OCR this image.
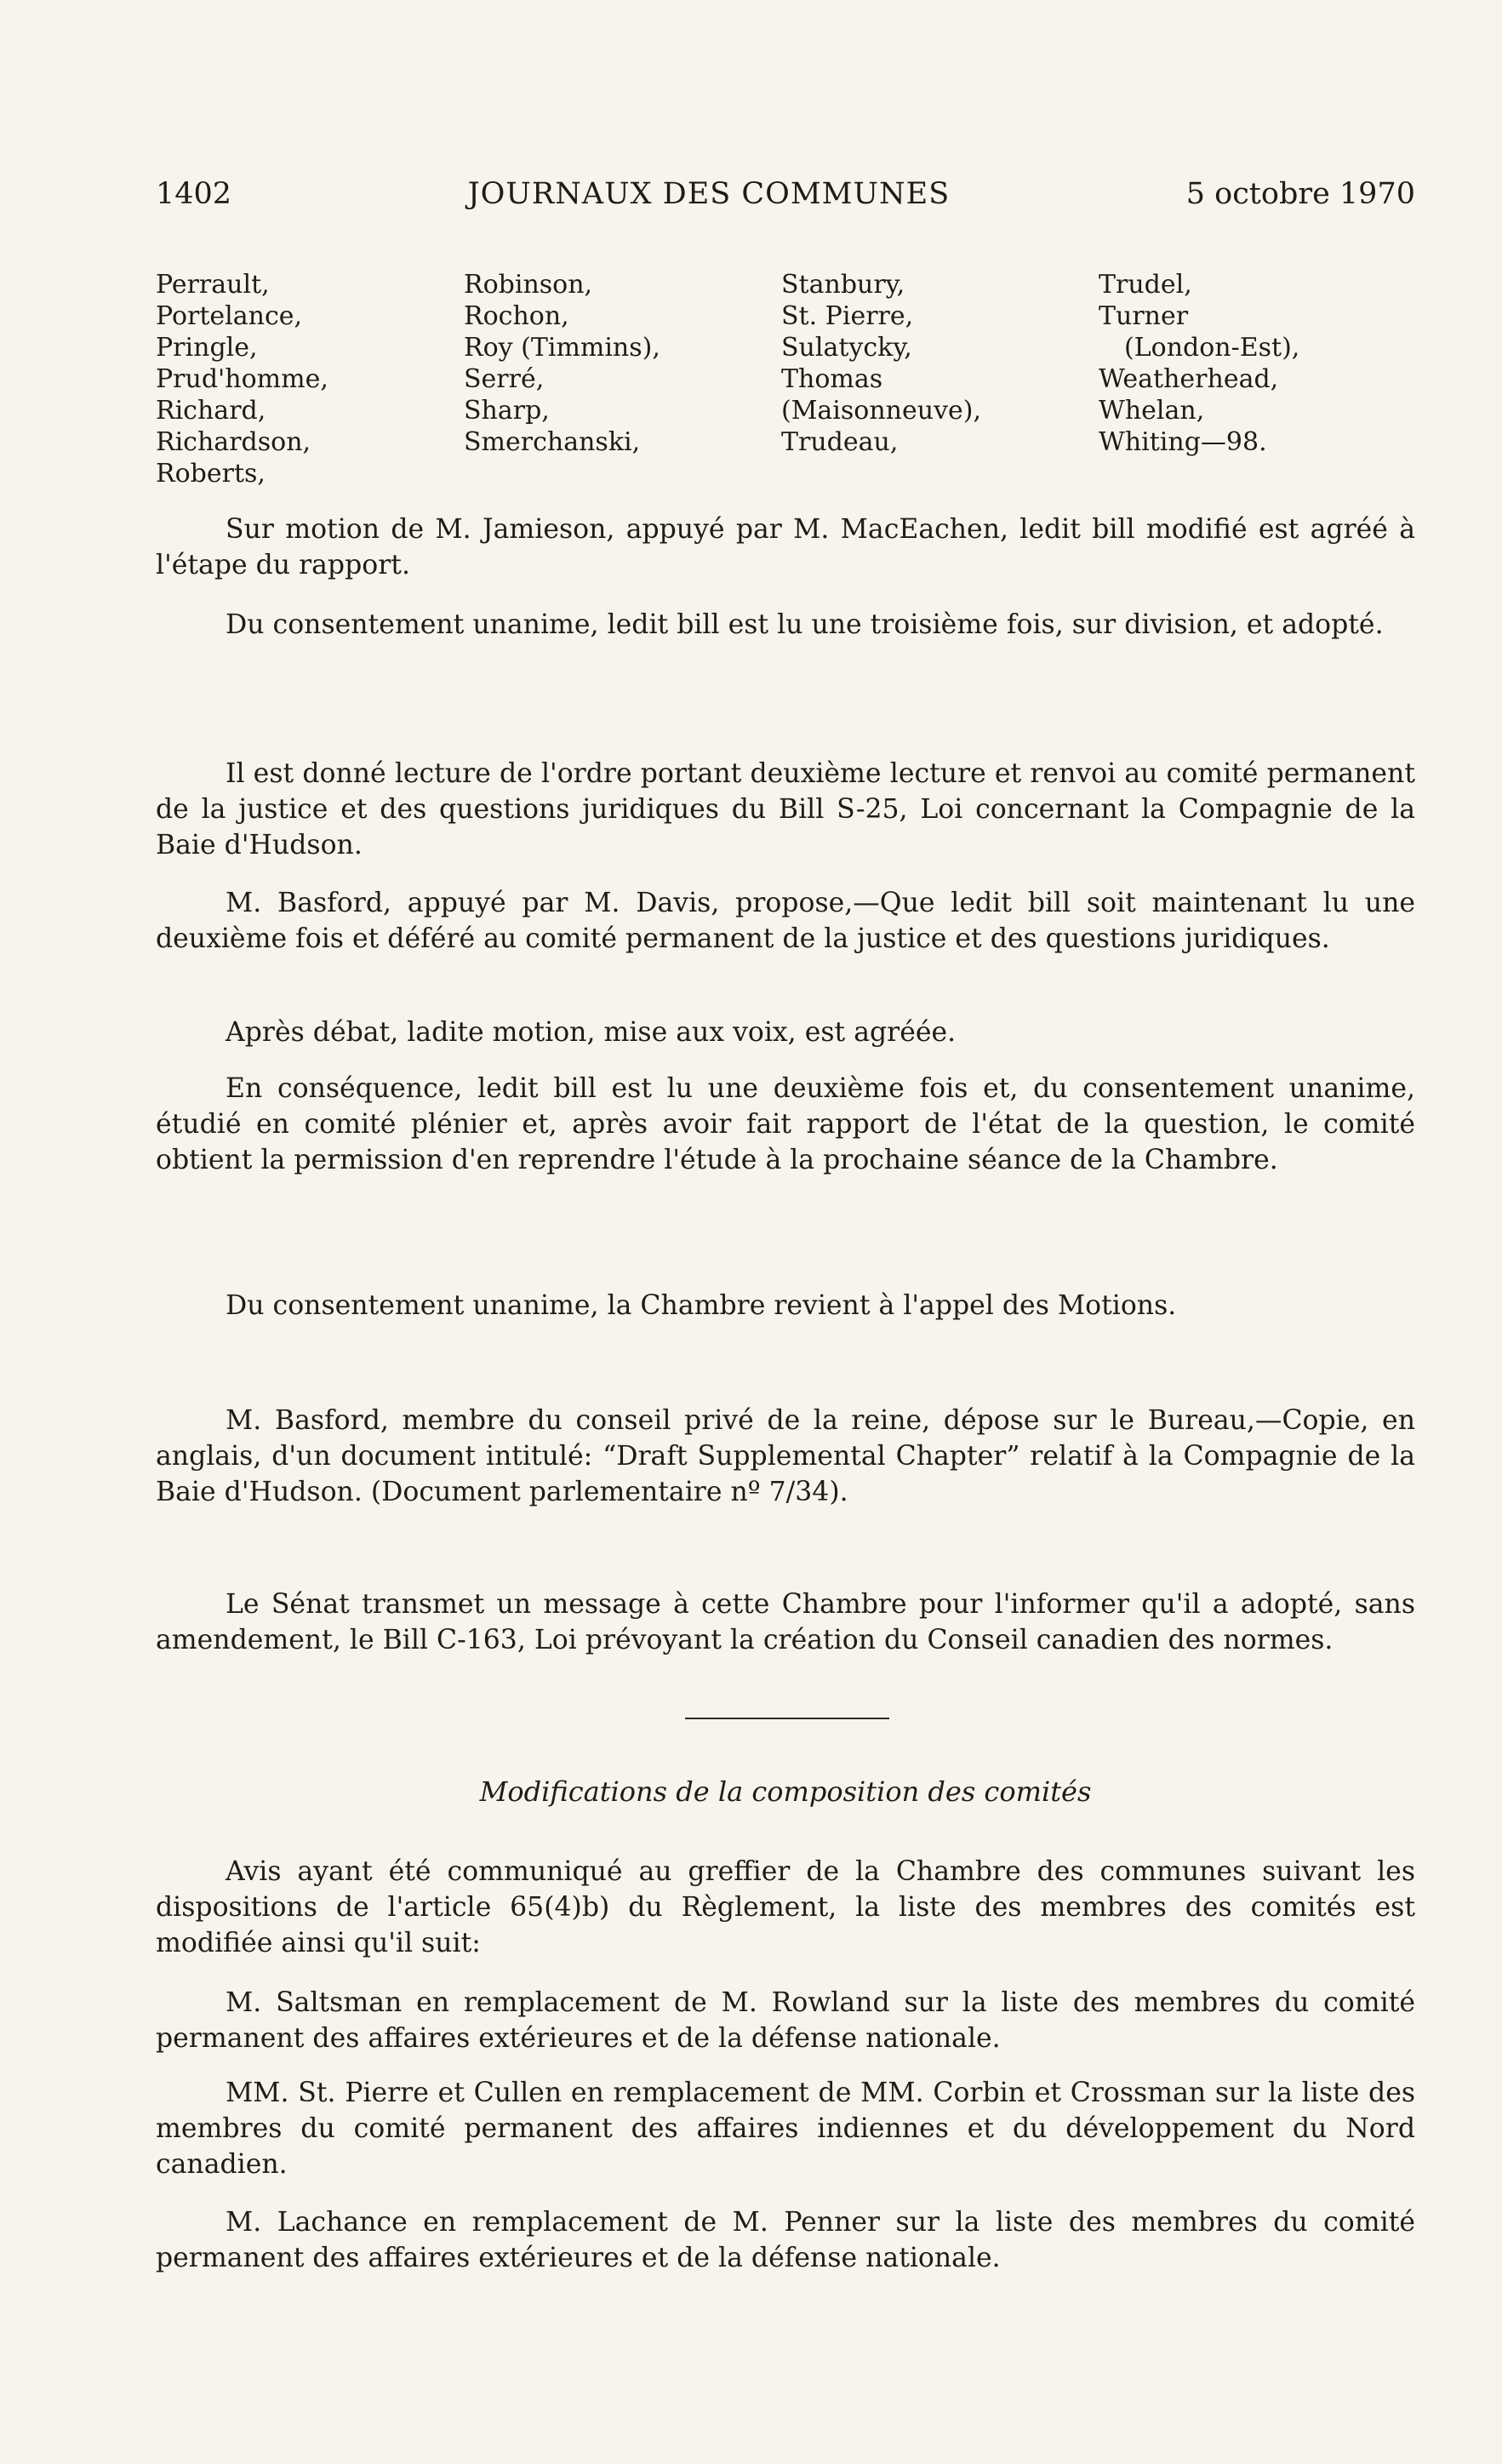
1402	JOURNAUX DES COMMUNES	5 octobre 1970
Perrault,
Portelance,
Pringle,
Prud'homme,
Richard,
Richardson,
Roberts,
Robinson,
Rochon,
Roy (Timmins),
Serré,
Sharp,
Smerchanski,
Stanbury,
St. Pierre,
Sulatycky,
Thomas
(Maisonneuve),
Trudeau,
Trudel,
Turner
(London-Est),
Weatherhead,
Whelan,
Whiting—98.

Sur motion de M. Jamieson, appuyé par M. MacEachen, ledit bill modifié est agréé à l'étape du rapport.

Du consentement unanime, ledit bill est lu une troisième fois, sur division, et adopté.

Il est donné lecture de l'ordre portant deuxième lecture et renvoi au comité permanent de la justice et des questions juridiques du Bill S-25, Loi concernant la Compagnie de la Baie d'Hudson.

M. Basford, appuyé par M. Davis, propose,—Que ledit bill soit maintenant lu une deuxième fois et déféré au comité permanent de la justice et des questions juridiques.

Après débat, ladite motion, mise aux voix, est agréée.

En conséquence, ledit bill est lu une deuxième fois et, du consentement unanime, étudié en comité plénier et, après avoir fait rapport de l'état de la question, le comité obtient la permission d'en reprendre l'étude à la prochaine séance de la Chambre.

Du consentement unanime, la Chambre revient à l'appel des Motions.

M. Basford, membre du conseil privé de la reine, dépose sur le Bureau,—Copie, en anglais, d'un document intitulé: “Draft Supplemental Chapter” relatif à la Compagnie de la Baie d'Hudson. (Document parlementaire nº 7/34).

Le Sénat transmet un message à cette Chambre pour l'informer qu'il a adopté, sans amendement, le Bill C-163, Loi prévoyant la création du Conseil canadien des normes.

Modifications de la composition des comités

Avis ayant été communiqué au greffier de la Chambre des communes suivant les dispositions de l'article 65(4)b) du Règlement, la liste des membres des comités est modifiée ainsi qu'il suit:

M. Saltsman en remplacement de M. Rowland sur la liste des membres du comité permanent des affaires extérieures et de la défense nationale.

MM. St. Pierre et Cullen en remplacement de MM. Corbin et Crossman sur la liste des membres du comité permanent des affaires indiennes et du développement du Nord canadien.

M. Lachance en remplacement de M. Penner sur la liste des membres du comité permanent des affaires extérieures et de la défense nationale.
